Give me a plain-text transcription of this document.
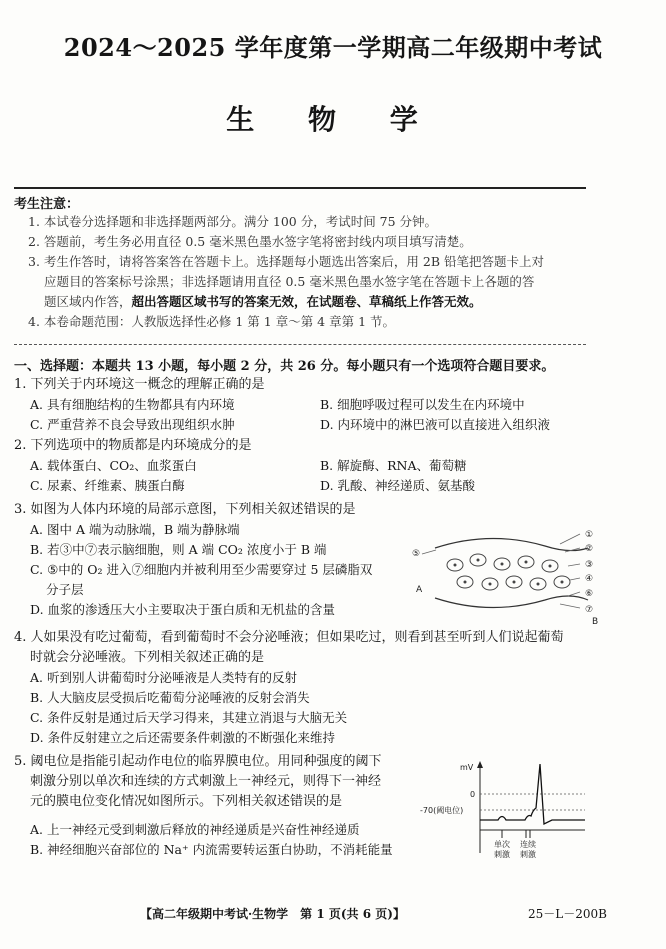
2024～2025 学年度第一学期高二年级期中考试
生 物 学
考生注意：
1. 本试卷分选择题和非选择题两部分。满分 100 分，考试时间 75 分钟。
2. 答题前，考生务必用直径 0.5 毫米黑色墨水签字笔将密封线内项目填写清楚。
3. 考生作答时，请将答案答在答题卡上。选择题每小题选出答案后，用 2B 铅笔把答题卡上对
应题目的答案标号涂黑；非选择题请用直径 0.5 毫米黑色墨水签字笔在答题卡上各题的答
题区域内作答，超出答题区域书写的答案无效，在试题卷、草稿纸上作答无效。
4. 本卷命题范围：人教版选择性必修 1 第 1 章～第 4 章第 1 节。
一、选择题：本题共 13 小题，每小题 2 分，共 26 分。每小题只有一个选项符合题目要求。
1. 下列关于内环境这一概念的理解正确的是
A. 具有细胞结构的生物都具有内环境	B. 细胞呼吸过程可以发生在内环境中
C. 严重营养不良会导致出现组织水肿	D. 内环境中的淋巴液可以直接进入组织液
2. 下列选项中的物质都是内环境成分的是
A. 载体蛋白、CO₂、血浆蛋白	B. 解旋酶、RNA、葡萄糖
C. 尿素、纤维素、胰蛋白酶	D. 乳酸、神经递质、氨基酸
3. 如图为人体内环境的局部示意图，下列相关叙述错误的是
A. 图中 A 端为动脉端，B 端为静脉端
B. 若③中⑦表示脑细胞，则 A 端 CO₂ 浓度小于 B 端
C. ⑤中的 O₂ 进入⑦细胞内并被利用至少需要穿过 5 层磷脂双
分子层
D. 血浆的渗透压大小主要取决于蛋白质和无机盐的含量
①
②
③
④
⑤
⑥
⑦
A
B
4. 人如果没有吃过葡萄，看到葡萄时不会分泌唾液；但如果吃过，则看到甚至听到人们说起葡萄
时就会分泌唾液。下列相关叙述正确的是
A. 听到别人讲葡萄时分泌唾液是人类特有的反射
B. 人大脑皮层受损后吃葡萄分泌唾液的反射会消失
C. 条件反射是通过后天学习得来，其建立消退与大脑无关
D. 条件反射建立之后还需要条件刺激的不断强化来维持
5. 阈电位是指能引起动作电位的临界膜电位。用同种强度的阈下
刺激分别以单次和连续的方式刺激上一神经元，则得下一神经
元的膜电位变化情况如图所示。下列相关叙述错误的是
A. 上一神经元受到刺激后释放的神经递质是兴奋性神经递质
B. 神经细胞兴奋部位的 Na⁺ 内流需要转运蛋白协助，不消耗能量
mV
0
-70(阈电位)
单次
刺激
连续
刺激
【高二年级期中考试·生物学　第 1 页(共 6 页)】	25－L－200B
